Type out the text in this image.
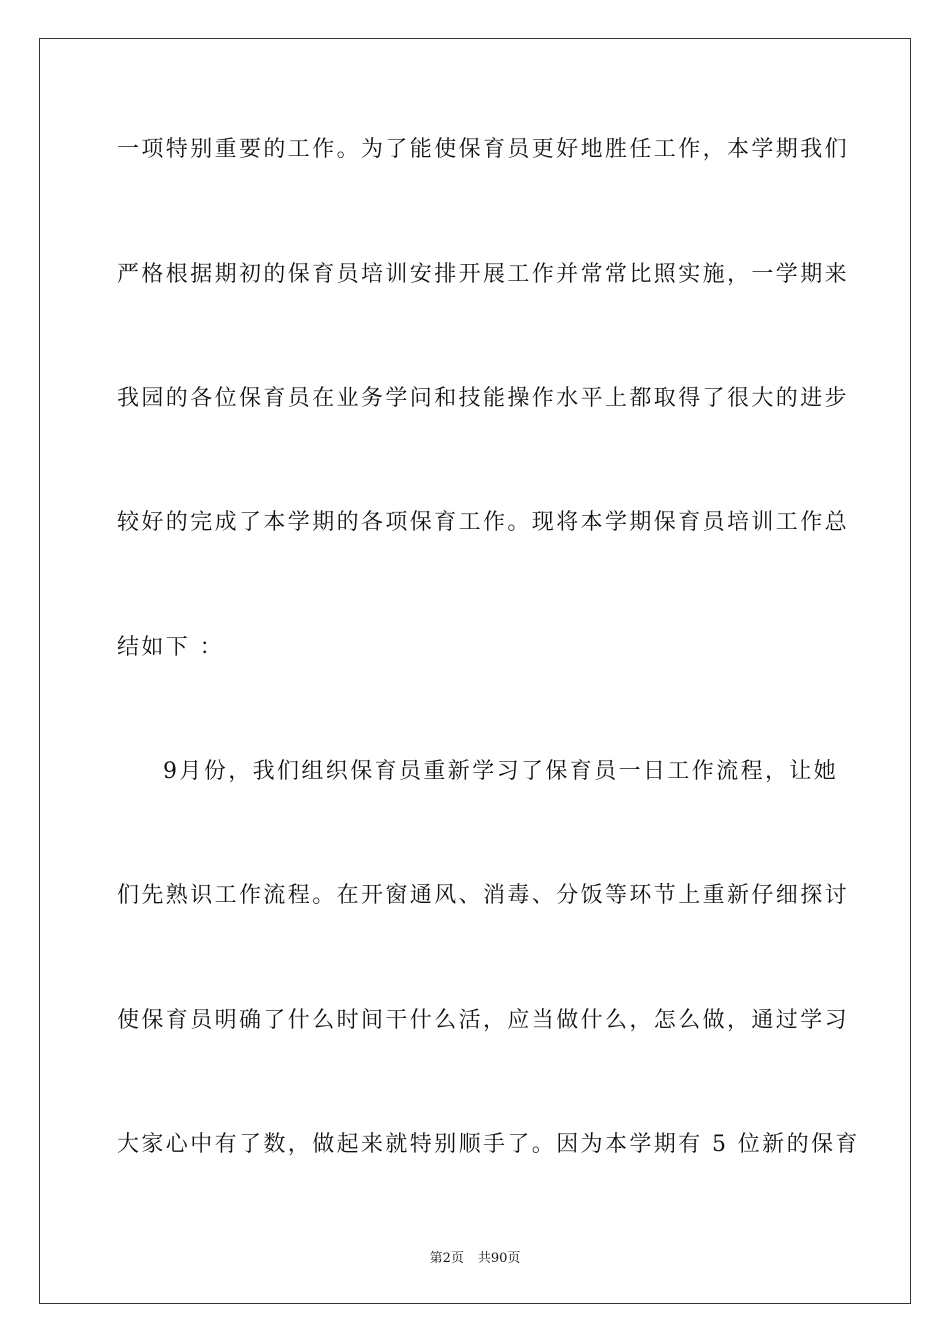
一项特别重要的工作。为了能使保育员更好地胜任工作，本学期我们
严格根据期初的保育员培训安排开展工作并常常比照实施，一学期来
我园的各位保育员在业务学问和技能操作水平上都取得了很大的进步
较好的完成了本学期的各项保育工作。现将本学期保育员培训工作总
结如下 ：
9月份，我们组织保育员重新学习了保育员一日工作流程，让她
们先熟识工作流程。在开窗通风、消毒、分饭等环节上重新仔细探讨
使保育员明确了什么时间干什么活，应当做什么，怎么做，通过学习
大家心中有了数，做起来就特别顺手了。因为本学期有 5 位新的保育
第2页 共90页
